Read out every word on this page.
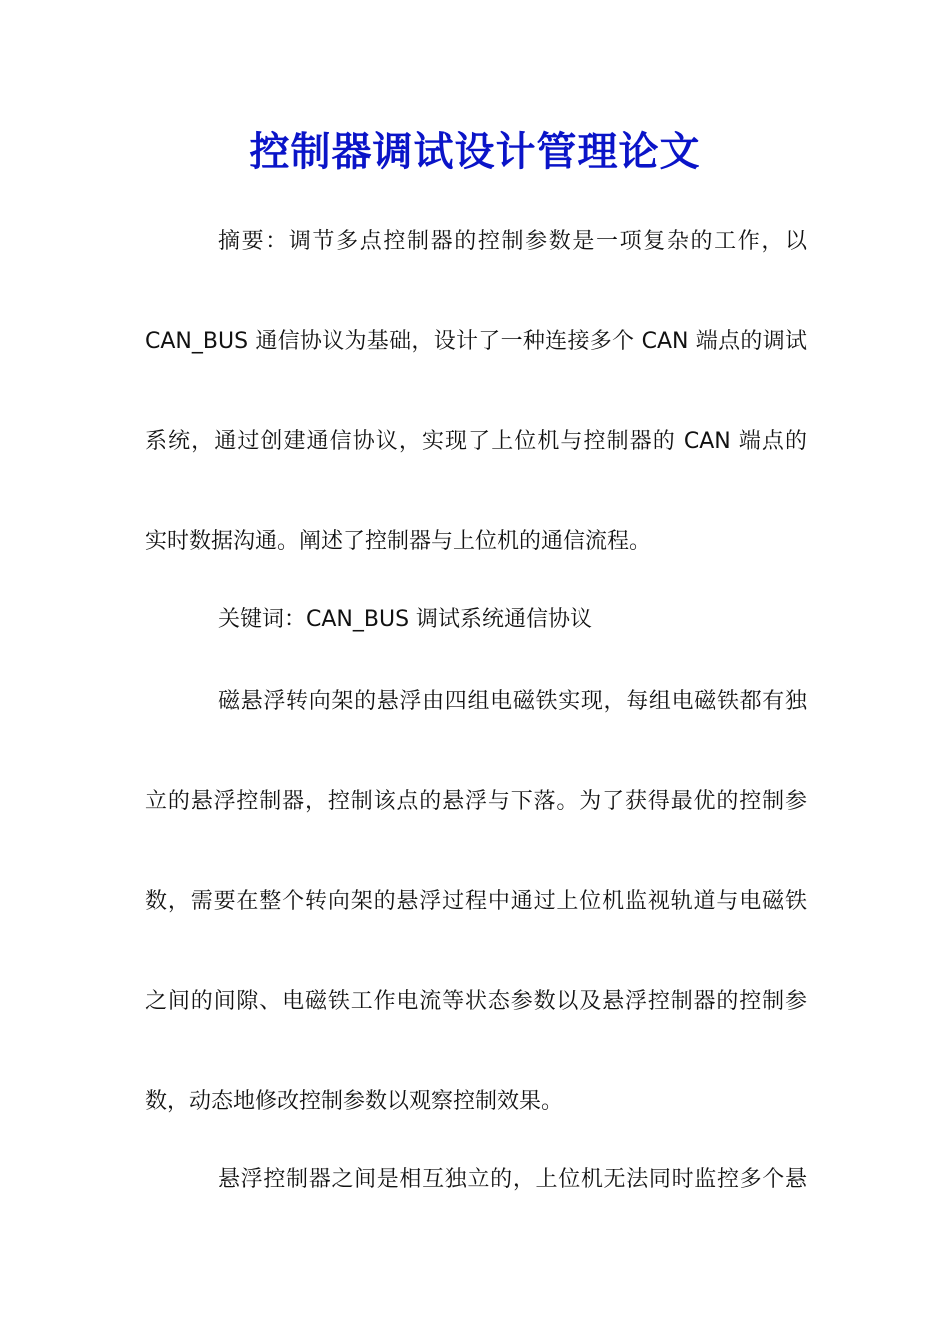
控制器调试设计管理论文
摘要：调节多点控制器的控制参数是一项复杂的工作，以
CAN_BUS 通信协议为基础，设计了一种连接多个 CAN 端点的调试
系统，通过创建通信协议，实现了上位机与控制器的 CAN 端点的
实时数据沟通。阐述了控制器与上位机的通信流程。
关键词：CAN_BUS 调试系统通信协议
磁悬浮转向架的悬浮由四组电磁铁实现，每组电磁铁都有独
立的悬浮控制器，控制该点的悬浮与下落。为了获得最优的控制参
数，需要在整个转向架的悬浮过程中通过上位机监视轨道与电磁铁
之间的间隙、电磁铁工作电流等状态参数以及悬浮控制器的控制参
数，动态地修改控制参数以观察控制效果。
悬浮控制器之间是相互独立的，上位机无法同时监控多个悬
